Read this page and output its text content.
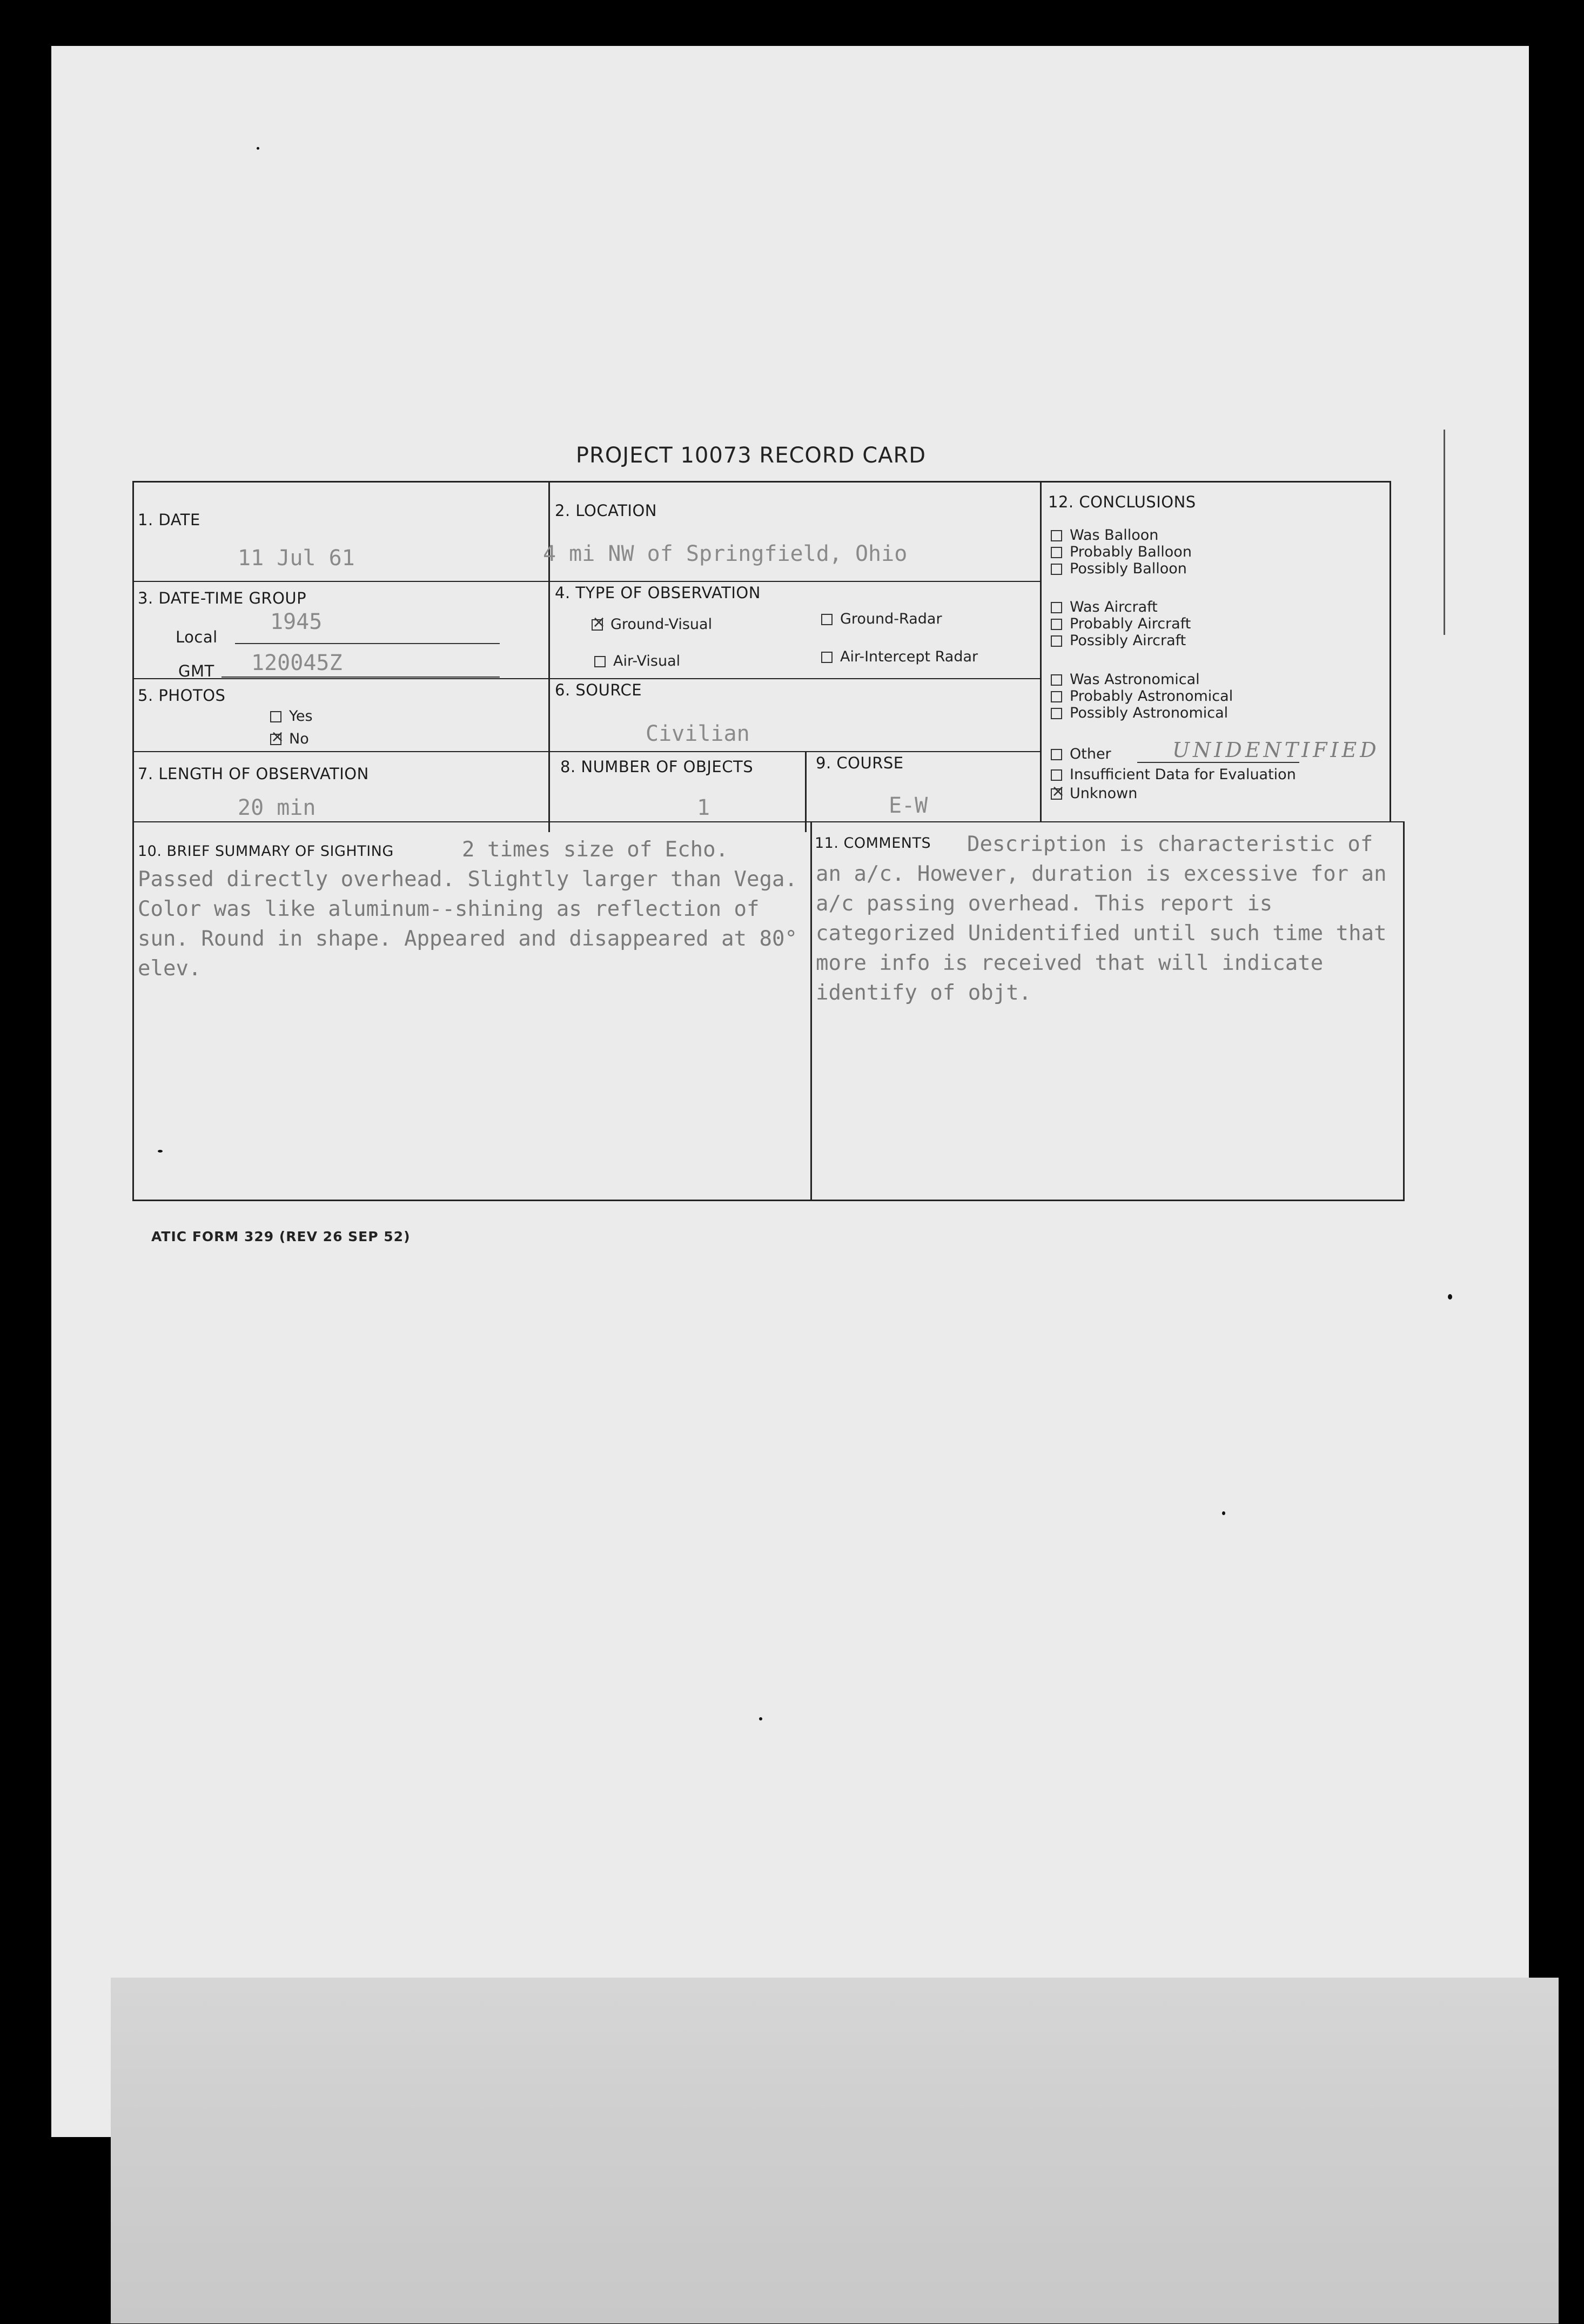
PROJECT 10073 RECORD CARD
1. DATE
11 Jul 61
2. LOCATION
4 mi NW of Springfield, Ohio
3. DATE-TIME GROUP
Local
1945
GMT 120045Z
4. TYPE OF OBSERVATION
×Ground-Visual	Ground-Radar
Air-Visual	Air-Intercept Radar
5. PHOTOS
Yes
×No
6. SOURCE
Civilian
7. LENGTH OF OBSERVATION
20 min
8. NUMBER OF OBJECTS
1
9. COURSE
E-W
12. CONCLUSIONS
Was Balloon
Probably Balloon
Possibly Balloon
Was Aircraft
Probably Aircraft
Possibly Aircraft
Was Astronomical
Probably Astronomical
Possibly Astronomical
Other	UNIDENTIFIED
Insufficient Data for Evaluation
×Unknown
10. BRIEF SUMMARY OF SIGHTING	2 times size of Echo. Passed directly overhead. Slightly larger than Vega. Color was like aluminum--shining as reflection of sun. Round in shape. Appeared and disappeared at 80° elev.
11. COMMENTS	Description is characteristic of an a/c. However, duration is excessive for an a/c passing overhead. This report is categorized Unidentified until such time that more info is received that will indicate identify of objt.
ATIC FORM 329 (REV 26 SEP 52)
